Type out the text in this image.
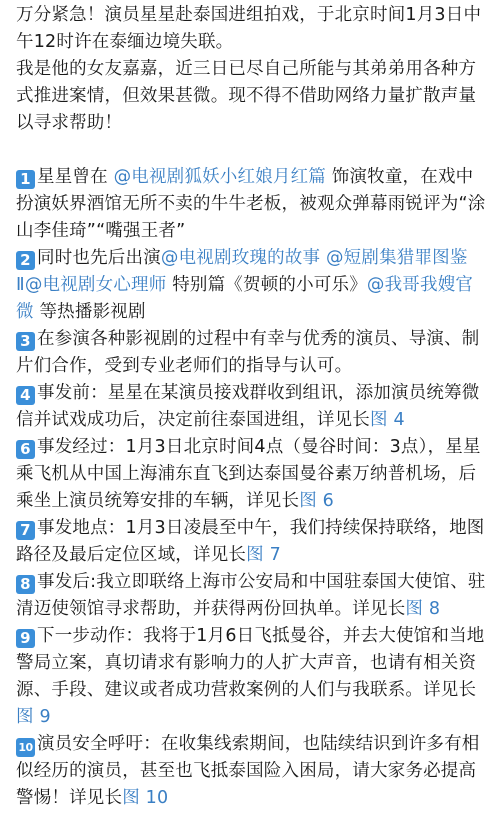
万分紧急！演员星星赴泰国进组拍戏，于北京时间1月3日中午12时许在泰缅边境失联。

我是他的女友嘉嘉，近三日已尽自己所能与其弟弟用各种方式推进案情，但效果甚微。现不得不借助网络力量扩散声量以寻求帮助！

1 星星曾在 @电视剧狐妖小红娘月红篇 饰演牧童，在戏中扮演妖界酒馆无所不卖的牛牛老板，被观众弹幕雨锐评为“涂山李佳琦”“嘴强王者”

2 同时也先后出演@电视剧玫瑰的故事 @短剧集猎罪图鉴 Ⅱ@电视剧女心理师 特别篇《贺顿的小可乐》@我哥我嫂官微 等热播影视剧

3 在参演各种影视剧的过程中有幸与优秀的演员、导演、制片们合作，受到专业老师们的指导与认可。

4 事发前：星星在某演员接戏群收到组讯，添加演员统筹微信并试戏成功后，决定前往泰国进组，详见长图 4

6 事发经过：1月3日北京时间4点（曼谷时间：3点），星星乘飞机从中国上海浦东直飞到达泰国曼谷素万纳普机场，后乘坐上演员统筹安排的车辆，详见长图 6

7 事发地点：1月3日凌晨至中午，我们持续保持联络，地图路径及最后定位区域，详见长图 7

8 事发后:我立即联络上海市公安局和中国驻泰国大使馆、驻清迈使领馆寻求帮助，并获得两份回执单。详见长图 8

9 下一步动作：我将于1月6日飞抵曼谷，并去大使馆和当地警局立案，真切请求有影响力的人扩大声音，也请有相关资源、手段、建议或者成功营救案例的人们与我联系。详见长图 9

10 演员安全呼吁：在收集线索期间，也陆续结识到许多有相似经历的演员，甚至也飞抵泰国险入困局，请大家务必提高警惕！详见长图 10
